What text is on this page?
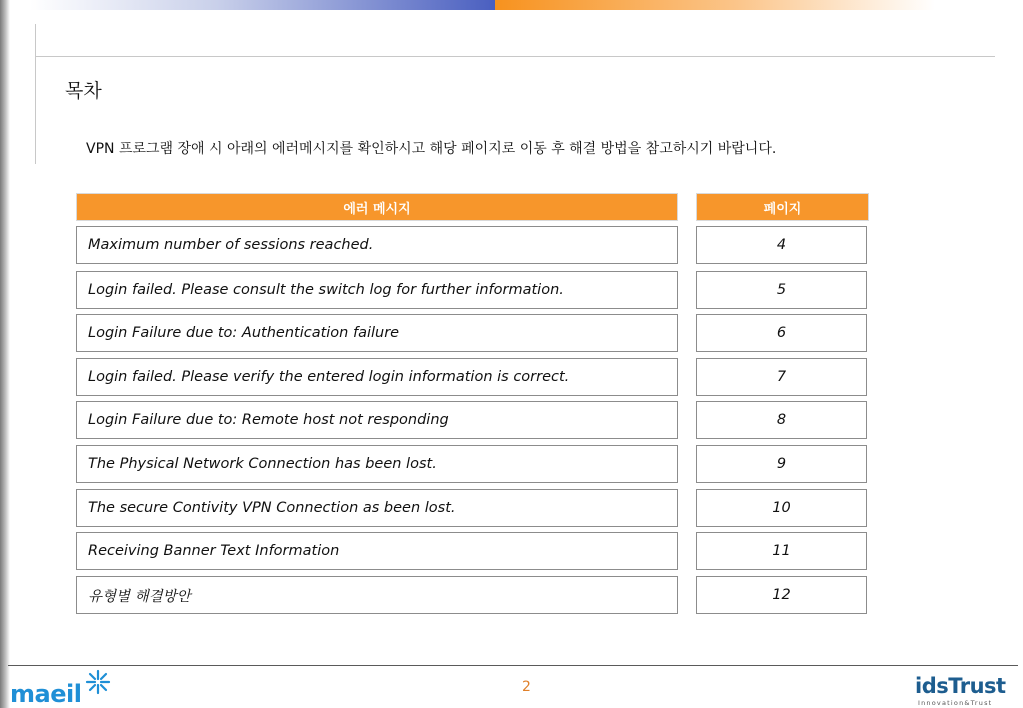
목차
VPN 프로그램 장애 시 아래의 에러메시지를 확인하시고 해당 페이지로 이동 후 해결 방법을 참고하시기 바랍니다.
에러 메시지	페이지
Maximum number of sessions reached.	4
Login failed. Please consult the switch log for further information.	5
Login Failure due to: Authentication failure	6
Login failed. Please verify the entered login information is correct.	7
Login Failure due to: Remote host not responding	8
The Physical Network Connection has been lost.	9
The secure Contivity VPN Connection as been lost.	10
Receiving Banner Text Information	11
유형별 해결방안	12
2
maeil	idsTrust
Innovation&Trust
